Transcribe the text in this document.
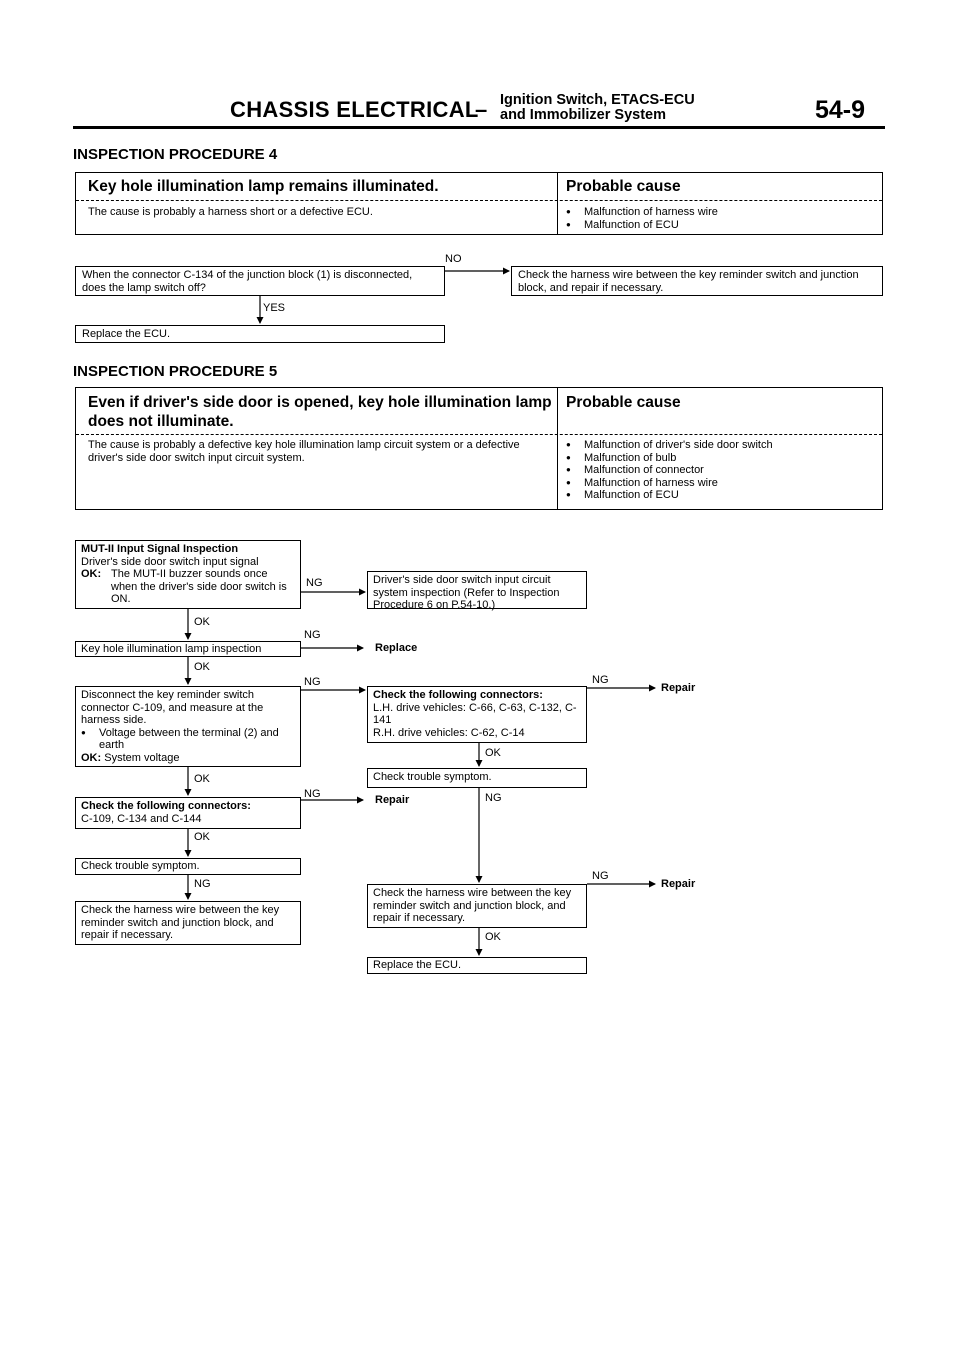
CHASSIS ELECTRICAL
– Ignition Switch, ETACS-ECU
and Immobilizer System	54-9
INSPECTION PROCEDURE 4
Key hole illumination lamp remains illuminated.	Probable cause
The cause is probably a harness short or a defective ECU.
●	Malfunction of harness wire
● Malfunction of ECU
When the connector C-134 of the junction block (1) is disconnected, does the lamp switch off?
NO
Check the harness wire between the key reminder switch and junction block, and repair if necessary.
YES
Replace the ECU.
INSPECTION PROCEDURE 5
Even if driver's side door is opened, key hole illumination lamp does not illuminate.
Probable cause
The cause is probably a defective key hole illumination lamp circuit system or a defective driver's side door switch input circuit system.
● Malfunction of driver's side door switch
● Malfunction of bulb
● Malfunction of connector
● Malfunction of harness wire
● Malfunction of ECU
MUT-II Input Signal Inspection
Driver's side door switch input signal
OK: The MUT-II buzzer sounds once when the driver's side door switch is ON.
Key hole illumination lamp inspection
Disconnect the key reminder switch connector C-109, and measure at the harness side.
● Voltage between the terminal (2) and earth
OK: System voltage
Check the following connectors:
C-109, C-134 and C-144
Check trouble symptom.
Check the harness wire between the key reminder switch and junction block, and repair if necessary.
Driver's side door switch input circuit system inspection (Refer to Inspection Procedure 6 on P.54-10.)
Check the following connectors:
L.H. drive vehicles: C-66, C-63, C-132, C-141
R.H. drive vehicles: C-62, C-14
Check trouble symptom.
Check the harness wire between the key reminder switch and junction block, and repair if necessary.
Replace the ECU.
Replace
Repair
Repair
Repair
NG
OK
NG
OK
NG
OK
NG
OK
NG
NG
OK
NG
NG
OK
